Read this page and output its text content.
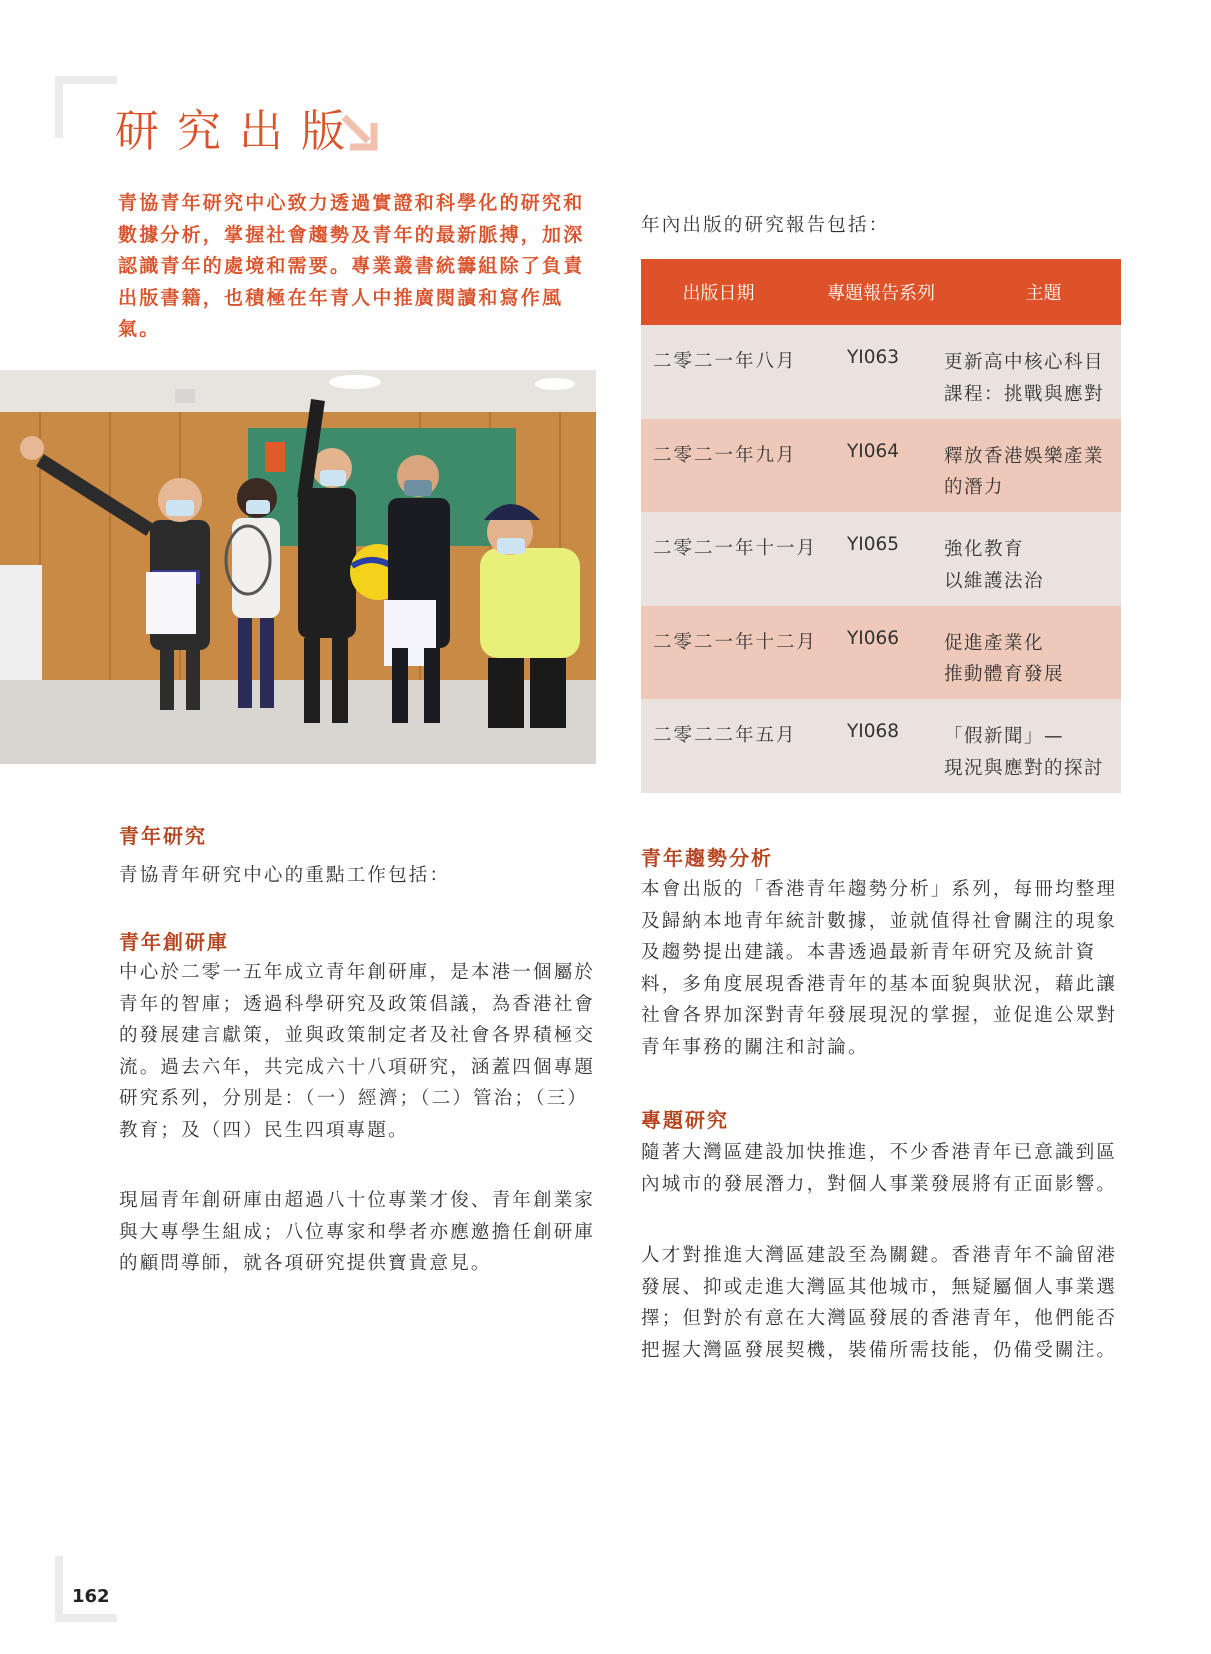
研究出版

青協青年研究中心致力透過實證和科學化的研究和數據分析，掌握社會趨勢及青年的最新脈搏，加深認識青年的處境和需要。專業叢書統籌組除了負責出版書籍，也積極在年青人中推廣閱讀和寫作風氣。

青年研究

青協青年研究中心的重點工作包括：

青年創研庫

中心於二零一五年成立青年創研庫，是本港一個屬於青年的智庫；透過科學研究及政策倡議，為香港社會的發展建言獻策，並與政策制定者及社會各界積極交流。過去六年，共完成六十八項研究，涵蓋四個專題研究系列，分別是：（一）經濟；（二）管治；（三）教育；及（四）民生四項專題。

現屆青年創研庫由超過八十位專業才俊、青年創業家與大專學生組成；八位專家和學者亦應邀擔任創研庫的顧問導師，就各項研究提供寶貴意見。

年內出版的研究報告包括：

出版日期	專題報告系列	主題
二零二一年八月	YI063	更新高中核心科目
課程：挑戰與應對
二零二一年九月	YI064	釋放香港娛樂產業
的潛力
二零二一年十一月	YI065	強化教育
以維護法治
二零二一年十二月	YI066	促進產業化
推動體育發展
二零二二年五月	YI068	「假新聞」—
現況與應對的探討
青年趨勢分析

本會出版的「香港青年趨勢分析」系列，每冊均整理及歸納本地青年統計數據，並就值得社會關注的現象及趨勢提出建議。本書透過最新青年研究及統計資料，多角度展現香港青年的基本面貌與狀況，藉此讓社會各界加深對青年發展現況的掌握，並促進公眾對青年事務的關注和討論。

專題研究

隨著大灣區建設加快推進，不少香港青年已意識到區內城市的發展潛力，對個人事業發展將有正面影響。

人才對推進大灣區建設至為關鍵。香港青年不論留港發展、抑或走進大灣區其他城市，無疑屬個人事業選擇；但對於有意在大灣區發展的香港青年，他們能否把握大灣區發展契機，裝備所需技能，仍備受關注。

162
